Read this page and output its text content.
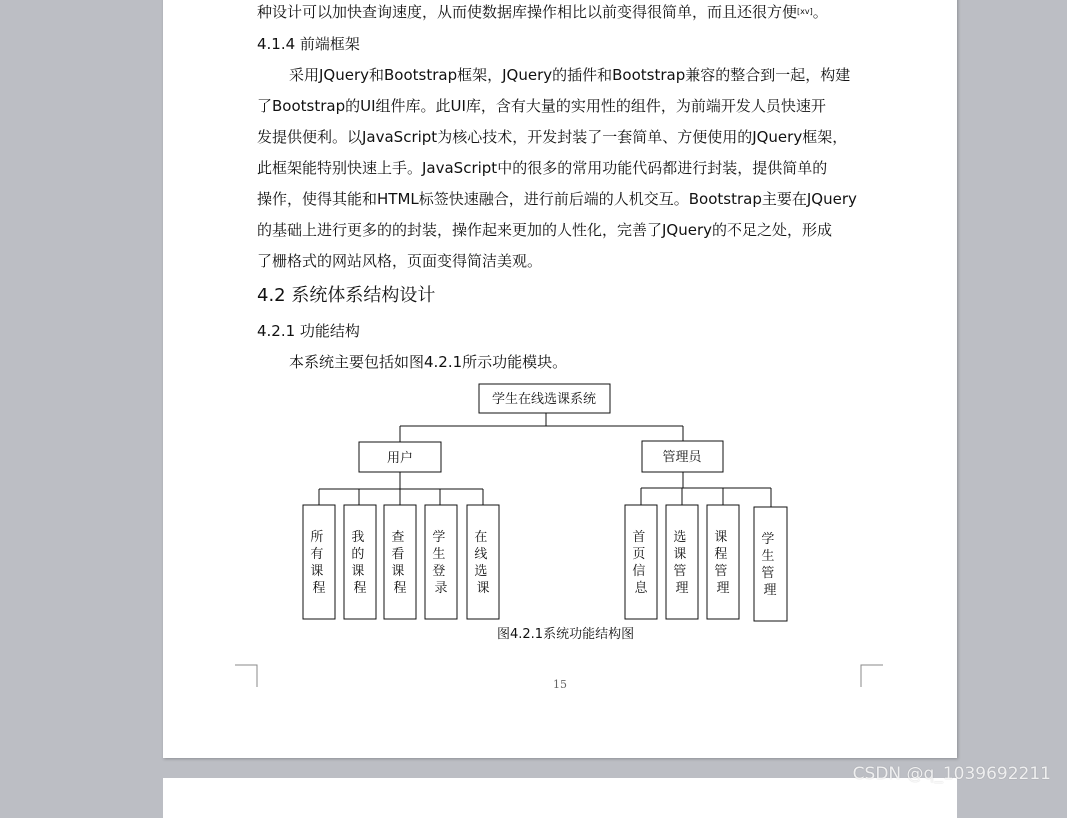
种设计可以加快查询速度，从而使数据库操作相比以前变得很简单，而且还很方便[xv]。
4.1.4 前端框架
采用JQuery和Bootstrap框架，JQuery的插件和Bootstrap兼容的整合到一起，构建
了Bootstrap的UI组件库。此UI库，含有大量的实用性的组件，为前端开发人员快速开
发提供便利。以JavaScript为核心技术，开发封装了一套简单、方便使用的JQuery框架，
此框架能特别快速上手。JavaScript中的很多的常用功能代码都进行封装，提供简单的
操作，使得其能和HTML标签快速融合，进行前后端的人机交互。Bootstrap主要在JQuery
的基础上进行更多的的封装，操作起来更加的人性化，完善了JQuery的不足之处，形成
了栅格式的网站风格，页面变得简洁美观。
4.2 系统体系结构设计
4.2.1 功能结构
本系统主要包括如图4.2.1所示功能模块。
学生在线选课系统
用户	管理员
所 有 课 程
我 的 课 程
查 看 课 程
学 生 登 录
在 线 选 课
首 页 信 息
选 课 管 理
课 程 管 理
学 生 管 理
图4.2.1系统功能结构图
15
CSDN @q_1039692211
